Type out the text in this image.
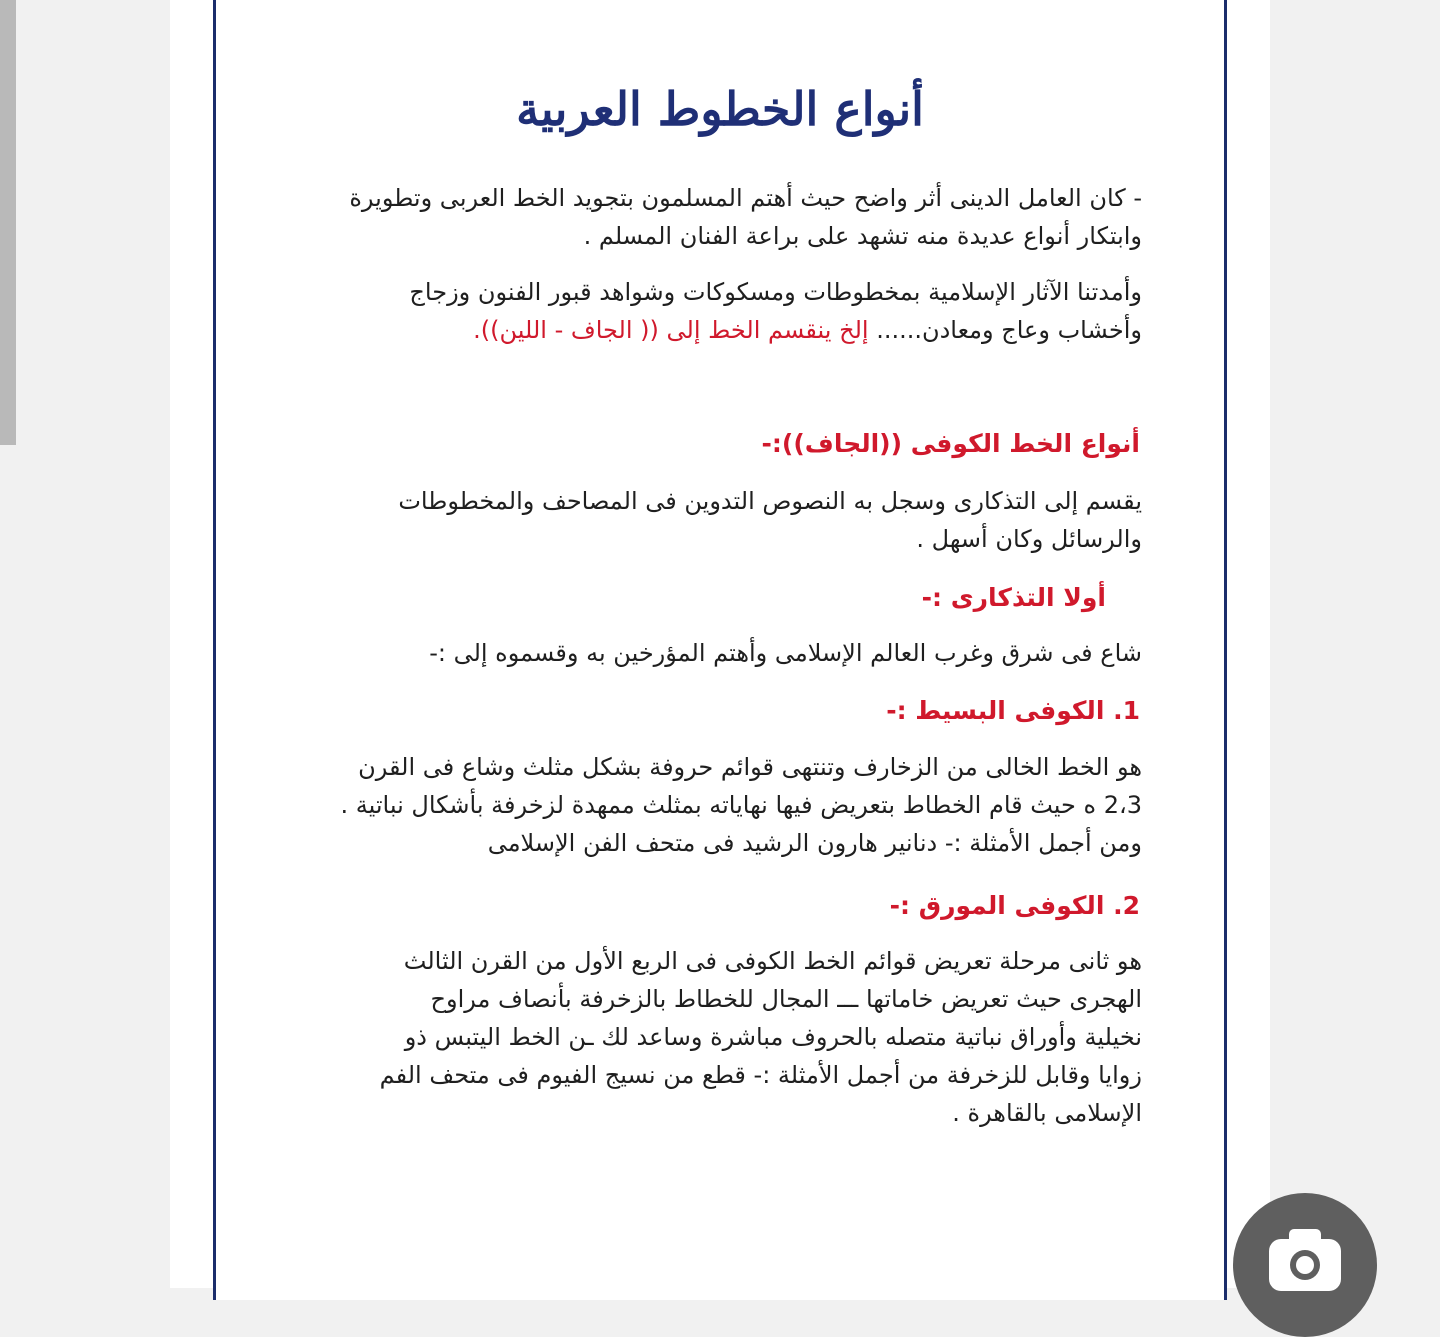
أنواع الخطوط العربية
- كان العامل الدينى أثر واضح حيث أهتم المسلمون بتجويد الخط العربى وتطويرة
وابتكار أنواع عديدة منه تشهد على براعة الفنان المسلم .
وأمدتنا الآثار الإسلامية بمخطوطات ومسكوكات وشواهد قبور الفنون وزجاج
وأخشاب وعاج ومعادن...... إلخ ينقسم الخط إلى (( الجاف - اللين)).
أنواع الخط الكوفى ((الجاف)):-
يقسم إلى التذكارى وسجل به النصوص التدوين فى المصاحف والمخطوطات
والرسائل وكان أسهل .
أولا التذكارى :-
شاع فى شرق وغرب العالم الإسلامى وأهتم المؤرخين به وقسموه إلى :-
1. الكوفى البسيط :-
هو الخط الخالى من الزخارف وتنتهى قوائم حروفة بشكل مثلث وشاع فى القرن
2،3 ه حيث قام الخطاط بتعريض فيها نهاياته بمثلث ممهدة لزخرفة بأشكال نباتية .
ومن أجمل الأمثلة :- دنانير هارون الرشيد فى متحف الفن الإسلامى
2. الكوفى المورق :-
هو ثانى مرحلة تعريض قوائم الخط الكوفى فى الربع الأول من القرن الثالث
الهجرى حيث تعريض خاماتها ـــ المجال للخطاط بالزخرفة بأنصاف مراوح
نخيلية وأوراق نباتية متصله بالحروف مباشرة وساعد لك ـن الخط اليتبس ذو
زوايا وقابل للزخرفة من أجمل الأمثلة :- قطع من نسيج الفيوم فى متحف الفم
الإسلامى بالقاهرة .
